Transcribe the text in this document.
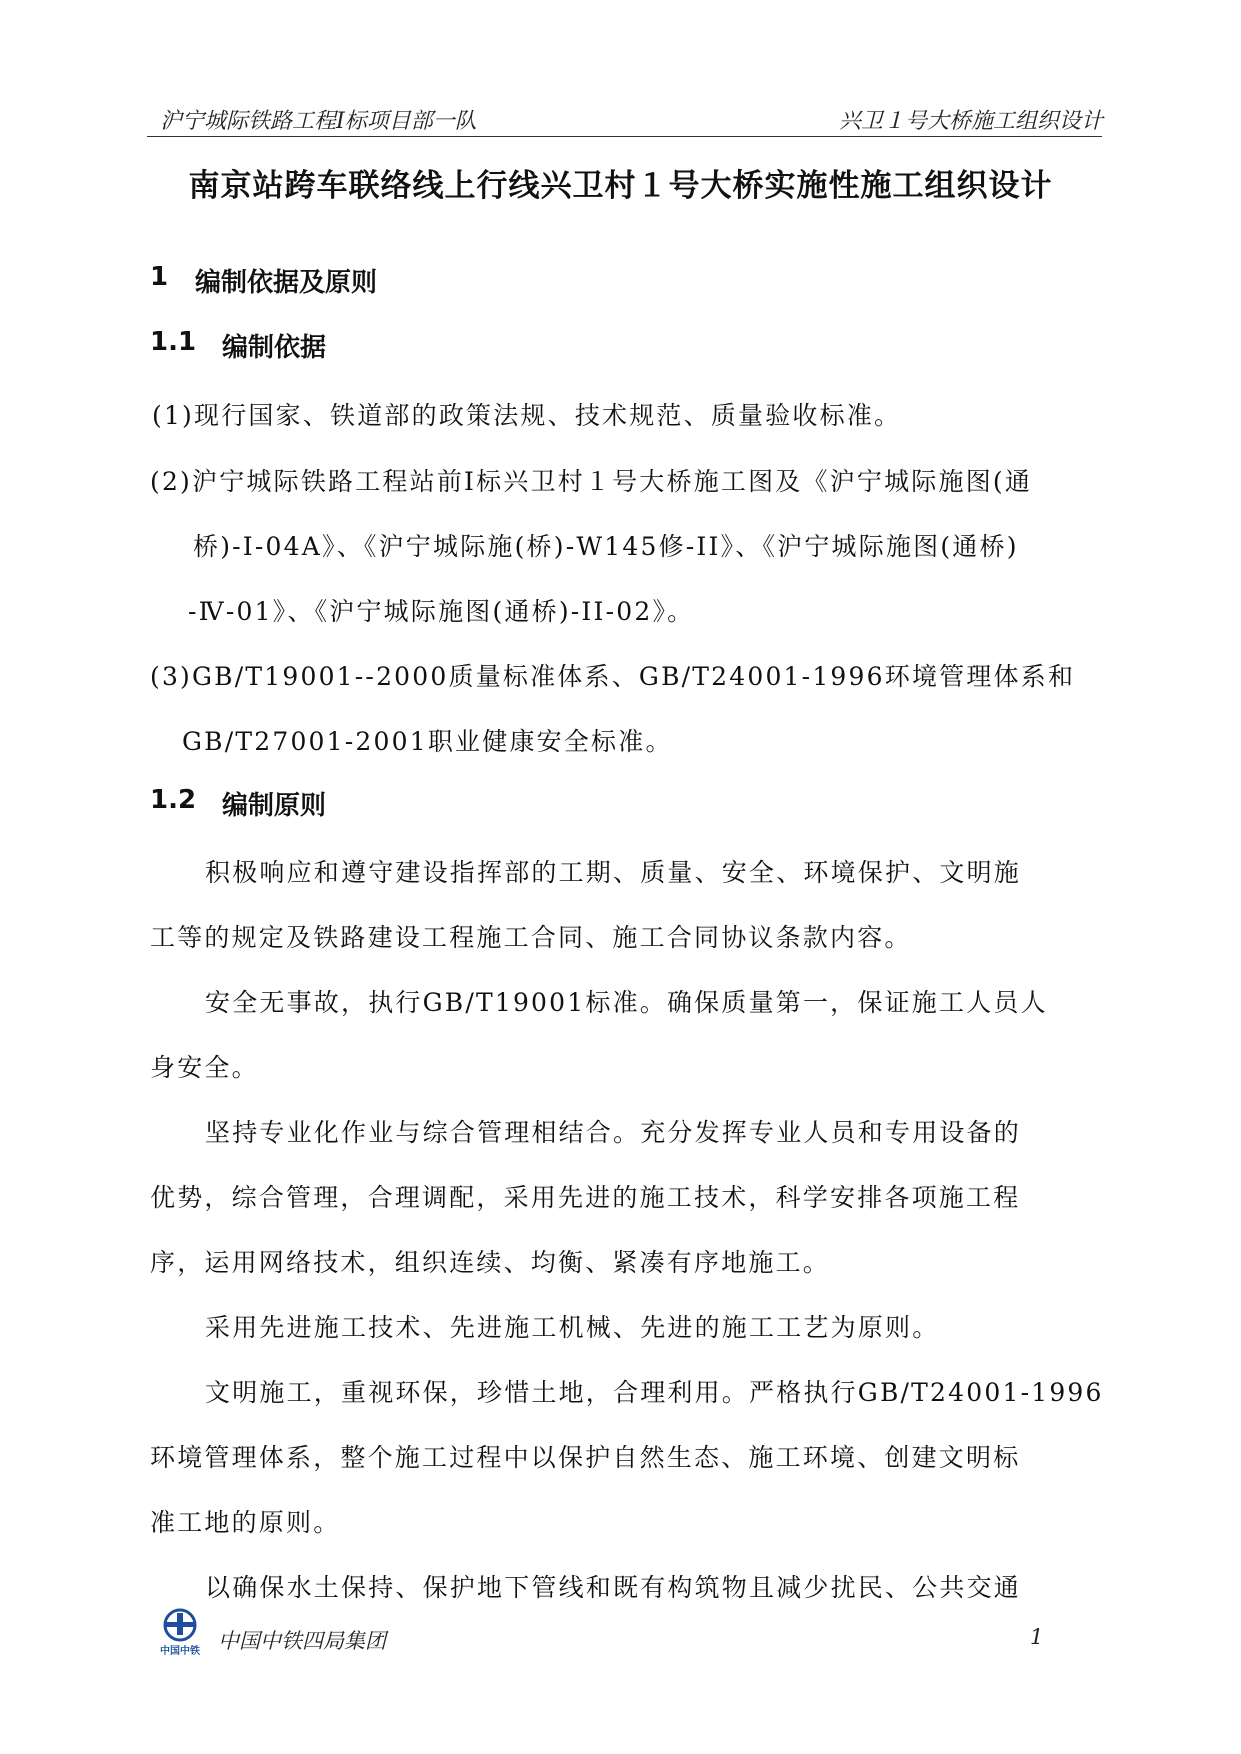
沪宁城际铁路工程Ⅰ标项目部一队	兴卫１号大桥施工组织设计
南京站跨车联络线上行线兴卫村１号大桥实施性施工组织设计
1 编制依据及原则
1.1 编制依据
(1)现行国家、铁道部的政策法规、技术规范、质量验收标准。
(2)沪宁城际铁路工程站前Ⅰ标兴卫村１号大桥施工图及《沪宁城际施图(通
桥)-Ⅰ-04A》、《沪宁城际施(桥)-W145修-II》、《沪宁城际施图(通桥)
-Ⅳ-01》、《沪宁城际施图(通桥)-II-02》。
(3)GB/T19001--2000质量标准体系、GB/T24001-1996环境管理体系和
GB/T27001-2001职业健康安全标准。
1.2 编制原则
积极响应和遵守建设指挥部的工期、质量、安全、环境保护、文明施
工等的规定及铁路建设工程施工合同、施工合同协议条款内容。
安全无事故，执行GB/T19001标准。确保质量第一，保证施工人员人
身安全。
坚持专业化作业与综合管理相结合。充分发挥专业人员和专用设备的
优势，综合管理，合理调配，采用先进的施工技术，科学安排各项施工程
序，运用网络技术，组织连续、均衡、紧凑有序地施工。
采用先进施工技术、先进施工机械、先进的施工工艺为原则。
文明施工，重视环保，珍惜土地，合理利用。严格执行GB/T24001-1996
环境管理体系，整个施工过程中以保护自然生态、施工环境、创建文明标
准工地的原则。
以确保水土保持、保护地下管线和既有构筑物且减少扰民、公共交通
中国中铁 中国中铁四局集团	1
